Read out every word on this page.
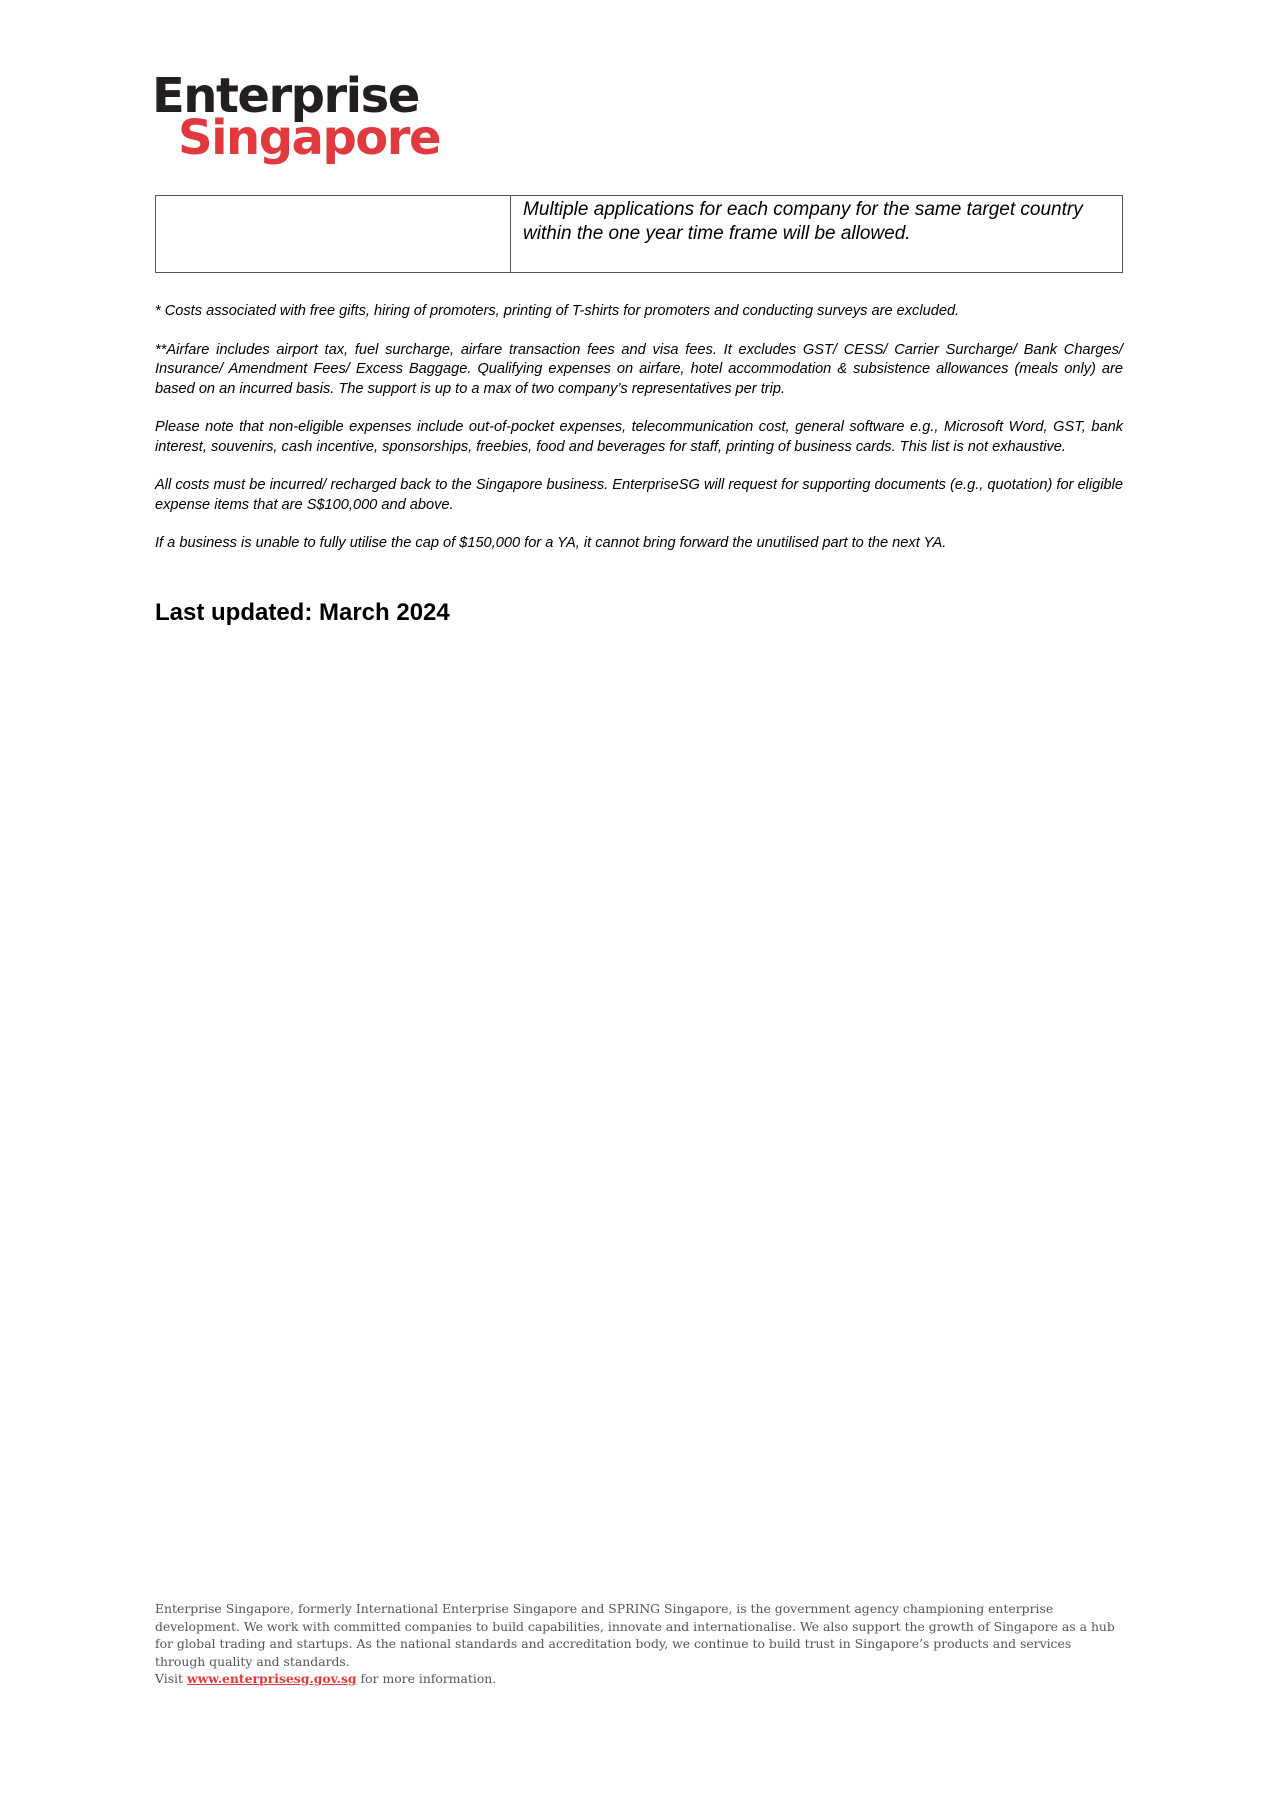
Enterprise
Singapore
	Multiple applications for each company for the same target country within the one year time frame will be allowed.

* Costs associated with free gifts, hiring of promoters, printing of T-shirts for promoters and conducting surveys are excluded.

**Airfare includes airport tax, fuel surcharge, airfare transaction fees and visa fees. It excludes GST/ CESS/ Carrier Surcharge/ Bank Charges/ Insurance/ Amendment Fees/ Excess Baggage. Qualifying expenses on airfare, hotel accommodation & subsistence allowances (meals only) are based on an incurred basis. The support is up to a max of two company’s representatives per trip.

Please note that non-eligible expenses include out-of-pocket expenses, telecommunication cost, general software e.g., Microsoft Word, GST, bank interest, souvenirs, cash incentive, sponsorships, freebies, food and beverages for staff, printing of business cards. This list is not exhaustive.

All costs must be incurred/ recharged back to the Singapore business. EnterpriseSG will request for supporting documents (e.g., quotation) for eligible expense items that are S$100,000 and above.

If a business is unable to fully utilise the cap of $150,000 for a YA, it cannot bring forward the unutilised part to the next YA.

Last updated: March 2024

Enterprise Singapore, formerly International Enterprise Singapore and SPRING Singapore, is the government agency championing enterprise development. We work with committed companies to build capabilities, innovate and internationalise. We also support the growth of Singapore as a hub for global trading and startups. As the national standards and accreditation body, we continue to build trust in Singapore’s products and services through quality and standards.

Visit www.enterprisesg.gov.sg for more information.
